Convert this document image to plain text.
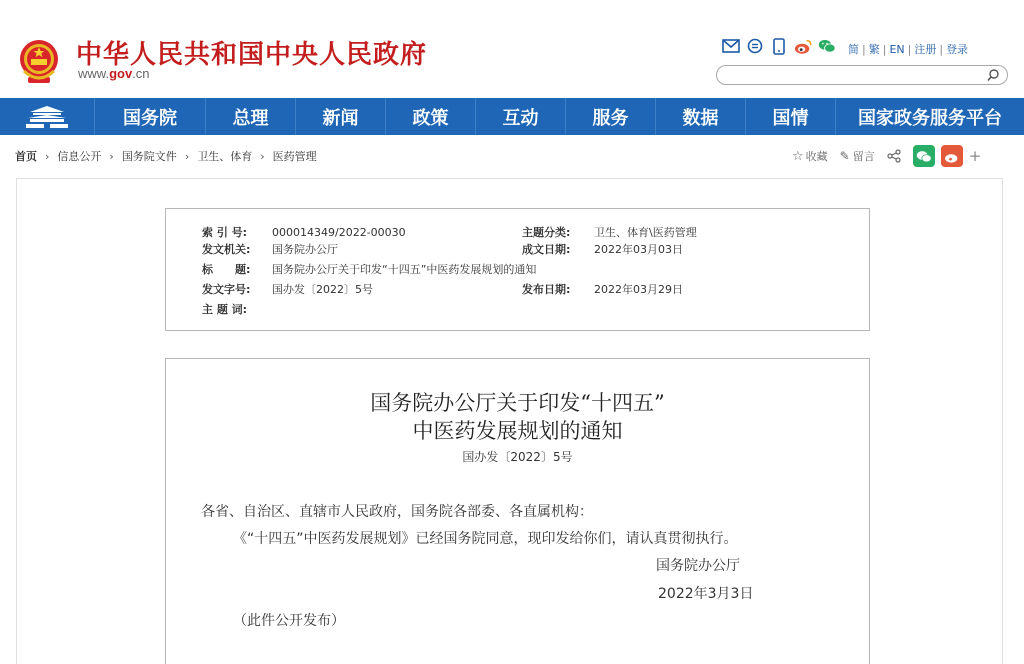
中华人民共和国中央人民政府
www.gov.cn
简 | 繁 | EN | 注册 | 登录
国务院	总理	新闻	政策	互动	服务	数据	国情	国家政务服务平台
首页 › 信息公开 › 国务院文件 › 卫生、体育 › 医药管理	☆ 收藏 ✎ 留言	+
索 引 号: 000014349/2022-00030	主题分类: 卫生、体育\医药管理
发文机关: 国务院办公厅	成文日期: 2022年03月03日
标　　题: 国务院办公厅关于印发“十四五”中医药发展规划的通知
发文字号: 国办发〔2022〕5号	发布日期: 2022年03月29日
主 题 词:
国务院办公厅关于印发“十四五”
中医药发展规划的通知
国办发〔2022〕5号
各省、自治区、直辖市人民政府，国务院各部委、各直属机构：
《“十四五”中医药发展规划》已经国务院同意，现印发给你们，请认真贯彻执行。
国务院办公厅
2022年3月3日
（此件公开发布）
